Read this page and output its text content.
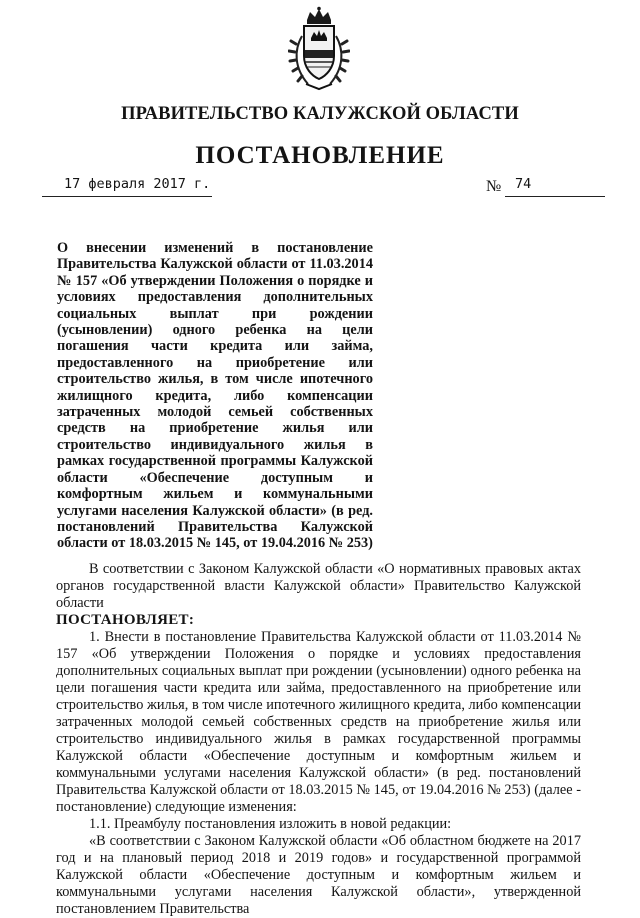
ПРАВИТЕЛЬСТВО КАЛУЖСКОЙ ОБЛАСТИ
ПОСТАНОВЛЕНИЕ
17 февраля 2017 г.	№ 74
О внесении изменений в постановление Правительства Калужской области от 11.03.2014 № 157 «Об утверждении Положения о порядке и условиях предоставления дополнительных социальных выплат при рождении (усыновлении) одного ребенка на цели погашения части кредита или займа, предоставленного на приобретение или строительство жилья, в том числе ипотечного жилищного кредита, либо компенсации затраченных молодой семьей собственных средств на приобретение жилья или строительство индивидуального жилья в рамках государственной программы Калужской области «Обеспечение доступным и комфортным жильем и коммунальными услугами населения Калужской области» (в ред. постановлений Правительства Калужской области от 18.03.2015 № 145, от 19.04.2016 № 253)

В соответствии с Законом Калужской области «О нормативных правовых актах органов государственной власти Калужской области» Правительство Калужской области

ПОСТАНОВЛЯЕТ:

1. Внести в постановление Правительства Калужской области от 11.03.2014 № 157 «Об утверждении Положения о порядке и условиях предоставления дополнительных социальных выплат при рождении (усыновлении) одного ребенка на цели погашения части кредита или займа, предоставленного на приобретение или строительство жилья, в том числе ипотечного жилищного кредита, либо компенсации затраченных молодой семьей собственных средств на приобретение жилья или строительство индивидуального жилья в рамках государственной программы Калужской области «Обеспечение доступным и комфортным жильем и коммунальными услугами населения Калужской области» (в ред. постановлений Правительства Калужской области от 18.03.2015 № 145, от 19.04.2016 № 253) (далее - постановление) следующие изменения:

1.1. Преамбулу постановления изложить в новой редакции:

«В соответствии с Законом Калужской области «Об областном бюджете на 2017 год и на плановый период 2018 и 2019 годов» и государственной программой Калужской области «Обеспечение доступным и комфортным жильем и коммунальными услугами населения Калужской области», утвержденной постановлением Правительства
